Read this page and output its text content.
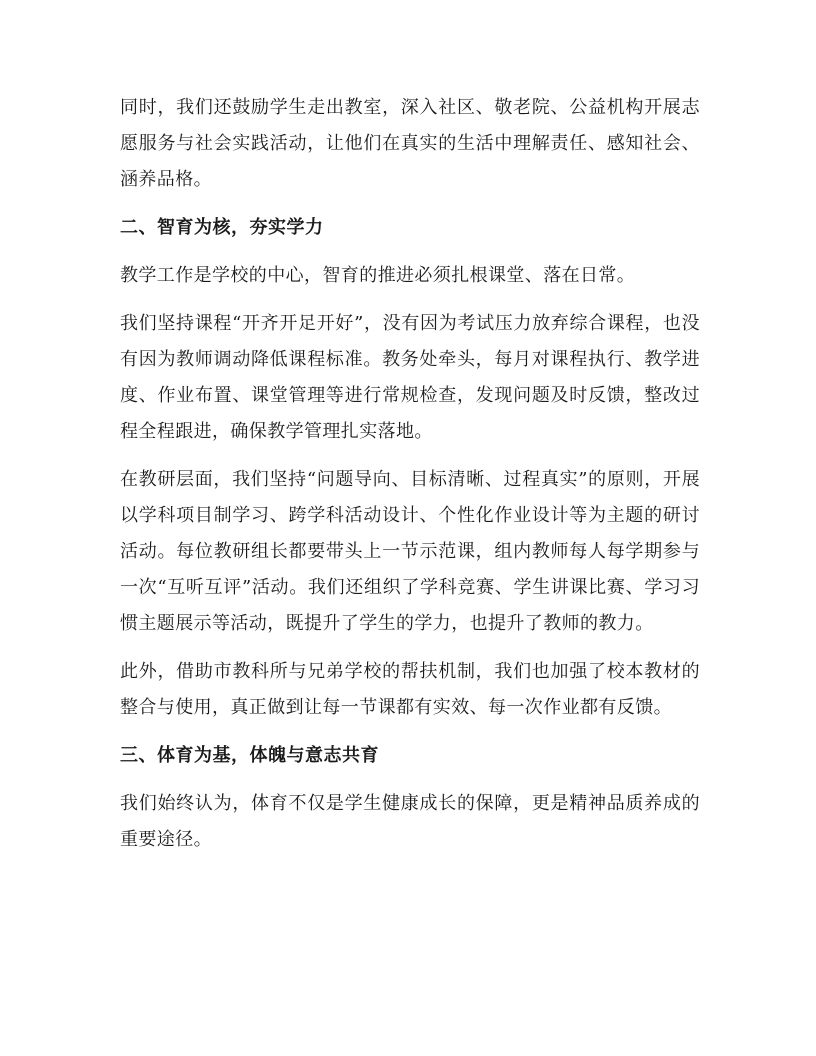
同时，我们还鼓励学生走出教室，深入社区、敬老院、公益机构开展志愿服务与社会实践活动，让他们在真实的生活中理解责任、感知社会、涵养品格。

二、智育为核，夯实学力

教学工作是学校的中心，智育的推进必须扎根课堂、落在日常。

我们坚持课程“开齐开足开好”，没有因为考试压力放弃综合课程，也没有因为教师调动降低课程标准。教务处牵头，每月对课程执行、教学进度、作业布置、课堂管理等进行常规检查，发现问题及时反馈，整改过程全程跟进，确保教学管理扎实落地。

在教研层面，我们坚持“问题导向、目标清晰、过程真实”的原则，开展以学科项目制学习、跨学科活动设计、个性化作业设计等为主题的研讨活动。每位教研组长都要带头上一节示范课，组内教师每人每学期参与一次“互听互评”活动。我们还组织了学科竞赛、学生讲课比赛、学习习惯主题展示等活动，既提升了学生的学力，也提升了教师的教力。

此外，借助市教科所与兄弟学校的帮扶机制，我们也加强了校本教材的整合与使用，真正做到让每一节课都有实效、每一次作业都有反馈。

三、体育为基，体魄与意志共育

我们始终认为，体育不仅是学生健康成长的保障，更是精神品质养成的重要途径。
